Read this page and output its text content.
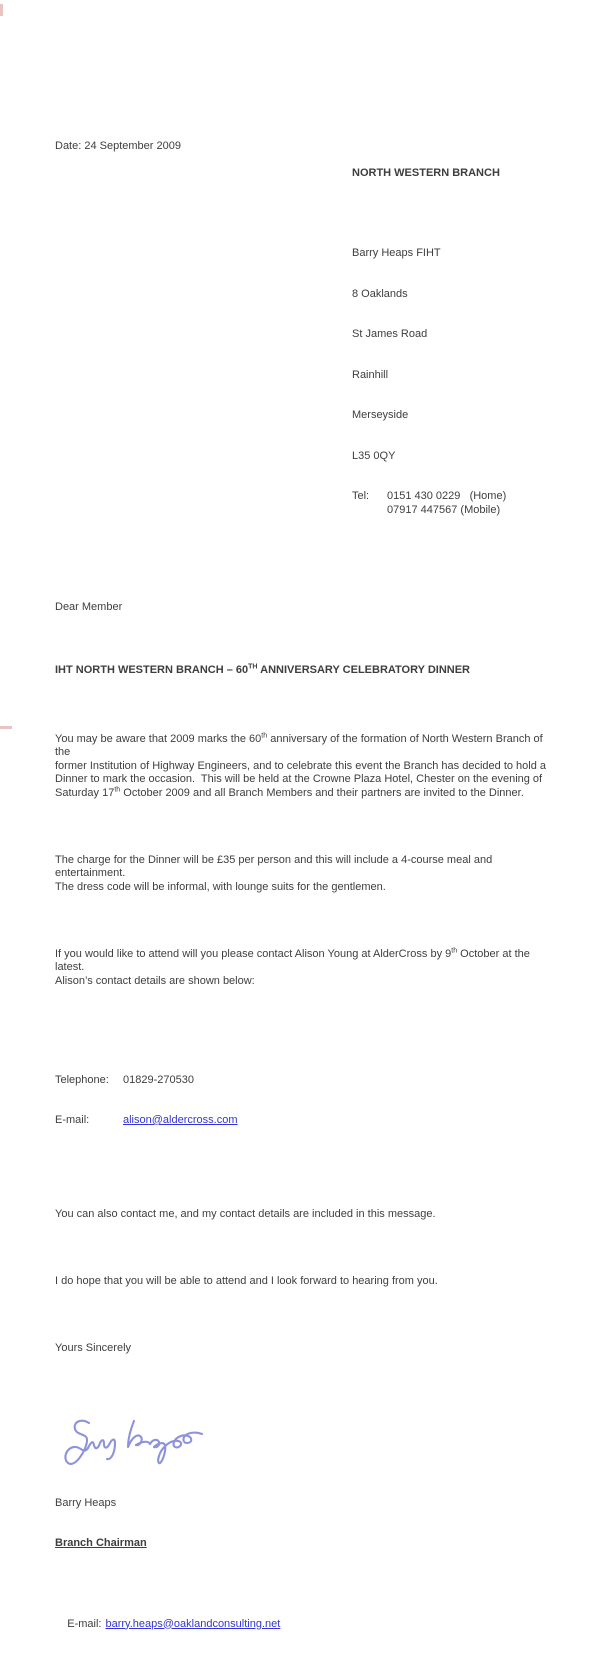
Date: 24 September 2009

NORTH WESTERN BRANCH

Barry Heaps FIHT

8 Oaklands

St James Road

Rainhill

Merseyside

L35 0QY

Tel:	0151 430 0229   (Home)
07917 447567 (Mobile)

Dear Member

IHT NORTH WESTERN BRANCH – 60TH ANNIVERSARY CELEBRATORY DINNER

You may be aware that 2009 marks the 60th anniversary of the formation of North Western Branch of the
former Institution of Highway Engineers, and to celebrate this event the Branch has decided to hold a
Dinner to mark the occasion.  This will be held at the Crowne Plaza Hotel, Chester on the evening of
Saturday 17th October 2009 and all Branch Members and their partners are invited to the Dinner.

The charge for the Dinner will be £35 per person and this will include a 4-course meal and entertainment.
The dress code will be informal, with lounge suits for the gentlemen.

If you would like to attend will you please contact Alison Young at AlderCross by 9th October at the latest.
Alison’s contact details are shown below:

Telephone:	01829-270530

E-mail:	alison@aldercross.com

You can also contact me, and my contact details are included in this message.

I do hope that you will be able to attend and I look forward to hearing from you.

Yours Sincerely

Barry Heaps

Branch Chairman

E-mail: barry.heaps@oaklandconsulting.net
